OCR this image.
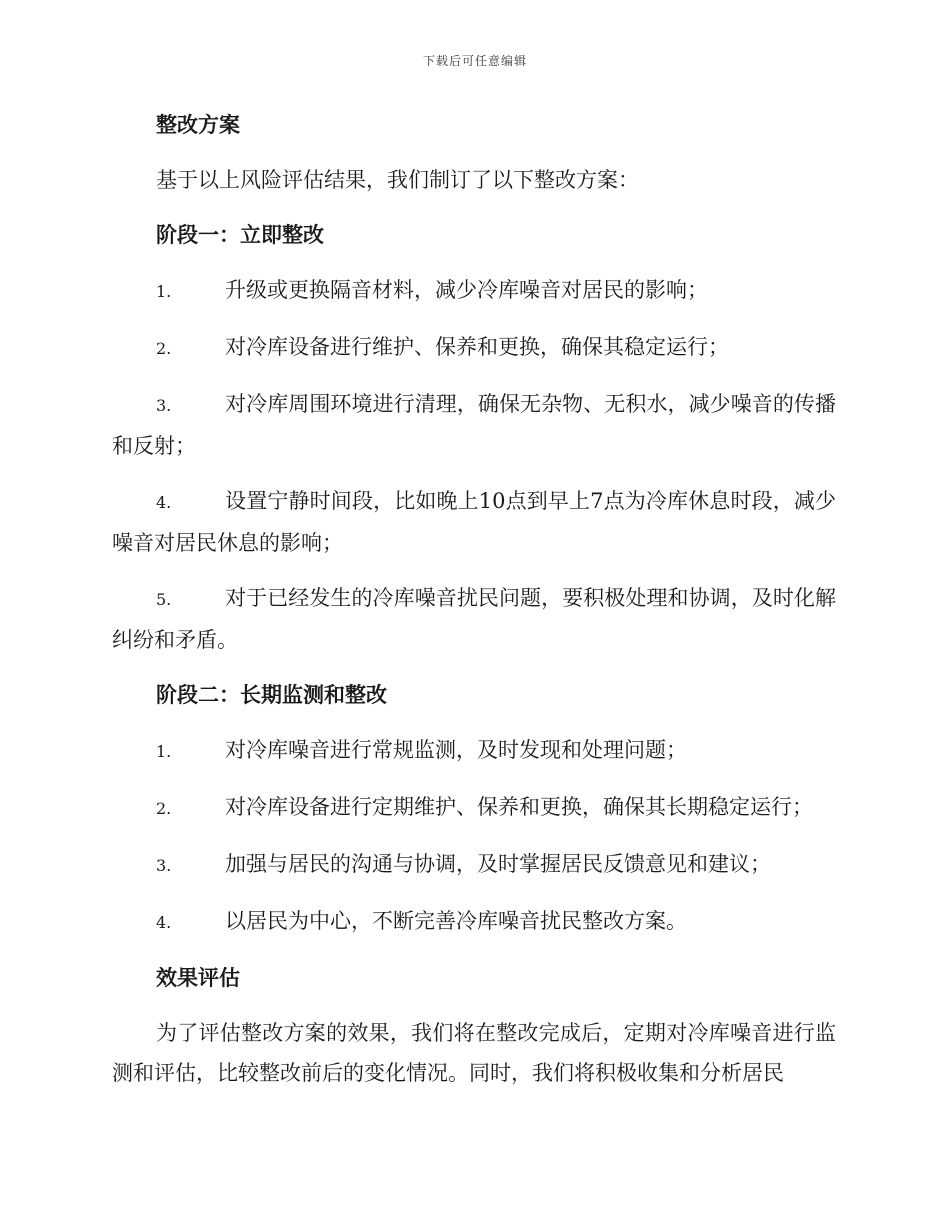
下载后可任意编辑
整改方案
基于以上风险评估结果，我们制订了以下整改方案：
阶段一：立即整改
1.	升级或更换隔音材料，减少冷库噪音对居民的影响；
2.	对冷库设备进行维护、保养和更换，确保其稳定运行；
3.	对冷库周围环境进行清理，确保无杂物、无积水，减少噪音的传播和反射；
4.	设置宁静时间段，比如晚上10点到早上7点为冷库休息时段，减少噪音对居民休息的影响；
5.	对于已经发生的冷库噪音扰民问题，要积极处理和协调，及时化解纠纷和矛盾。
阶段二：长期监测和整改
1.	对冷库噪音进行常规监测，及时发现和处理问题；
2.	对冷库设备进行定期维护、保养和更换，确保其长期稳定运行；
3.	加强与居民的沟通与协调，及时掌握居民反馈意见和建议；
4.	以居民为中心，不断完善冷库噪音扰民整改方案。
效果评估
为了评估整改方案的效果，我们将在整改完成后，定期对冷库噪音进行监测和评估，比较整改前后的变化情况。同时，我们将积极收集和分析居民
